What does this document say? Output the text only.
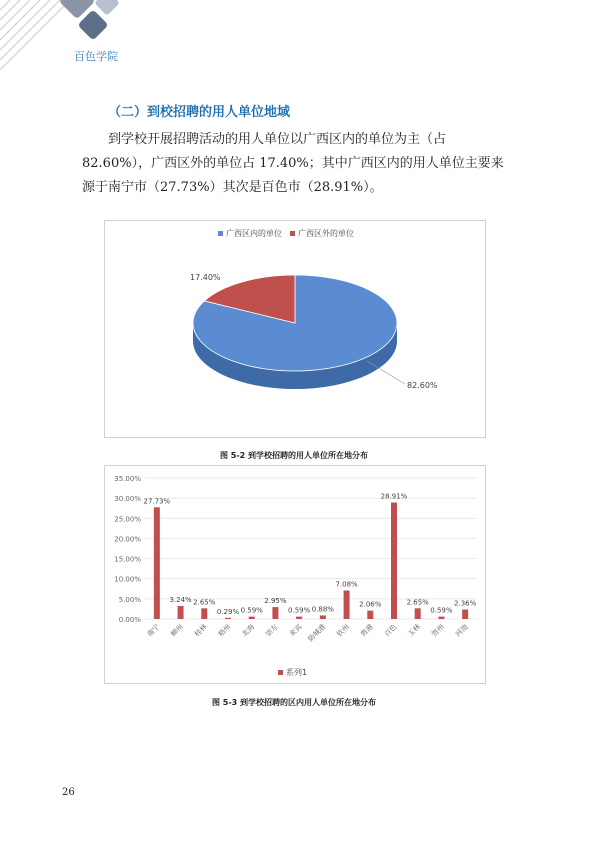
百色学院
（二）到校招聘的用人单位地域
到学校开展招聘活动的用人单位以广西区内的单位为主（占
82.60%），广西区外的单位占 17.40%；其中广西区内的用人单位主要来
源于南宁市（27.73%）其次是百色市（28.91%）。
广西区内的单位 广西区外的单位
82.60%
17.40%
图 5-2 到学校招聘的用人单位所在地分布
0.00%
5.00%
10.00%
15.00%
20.00%
25.00%
30.00%
35.00%
27.73%
南宁
3.24%
柳州
2.65%
桂林
0.29%
梧州
0.59%
北海
2.95%
崇左
0.59%
来宾
0.88%
防城港
7.08%
钦州
2.06%
贵港
28.91%
百色
2.65%
玉林
0.59%
贺州
2.36%
河池
系列1
图 5-3 到学校招聘的区内用人单位所在地分布
26
